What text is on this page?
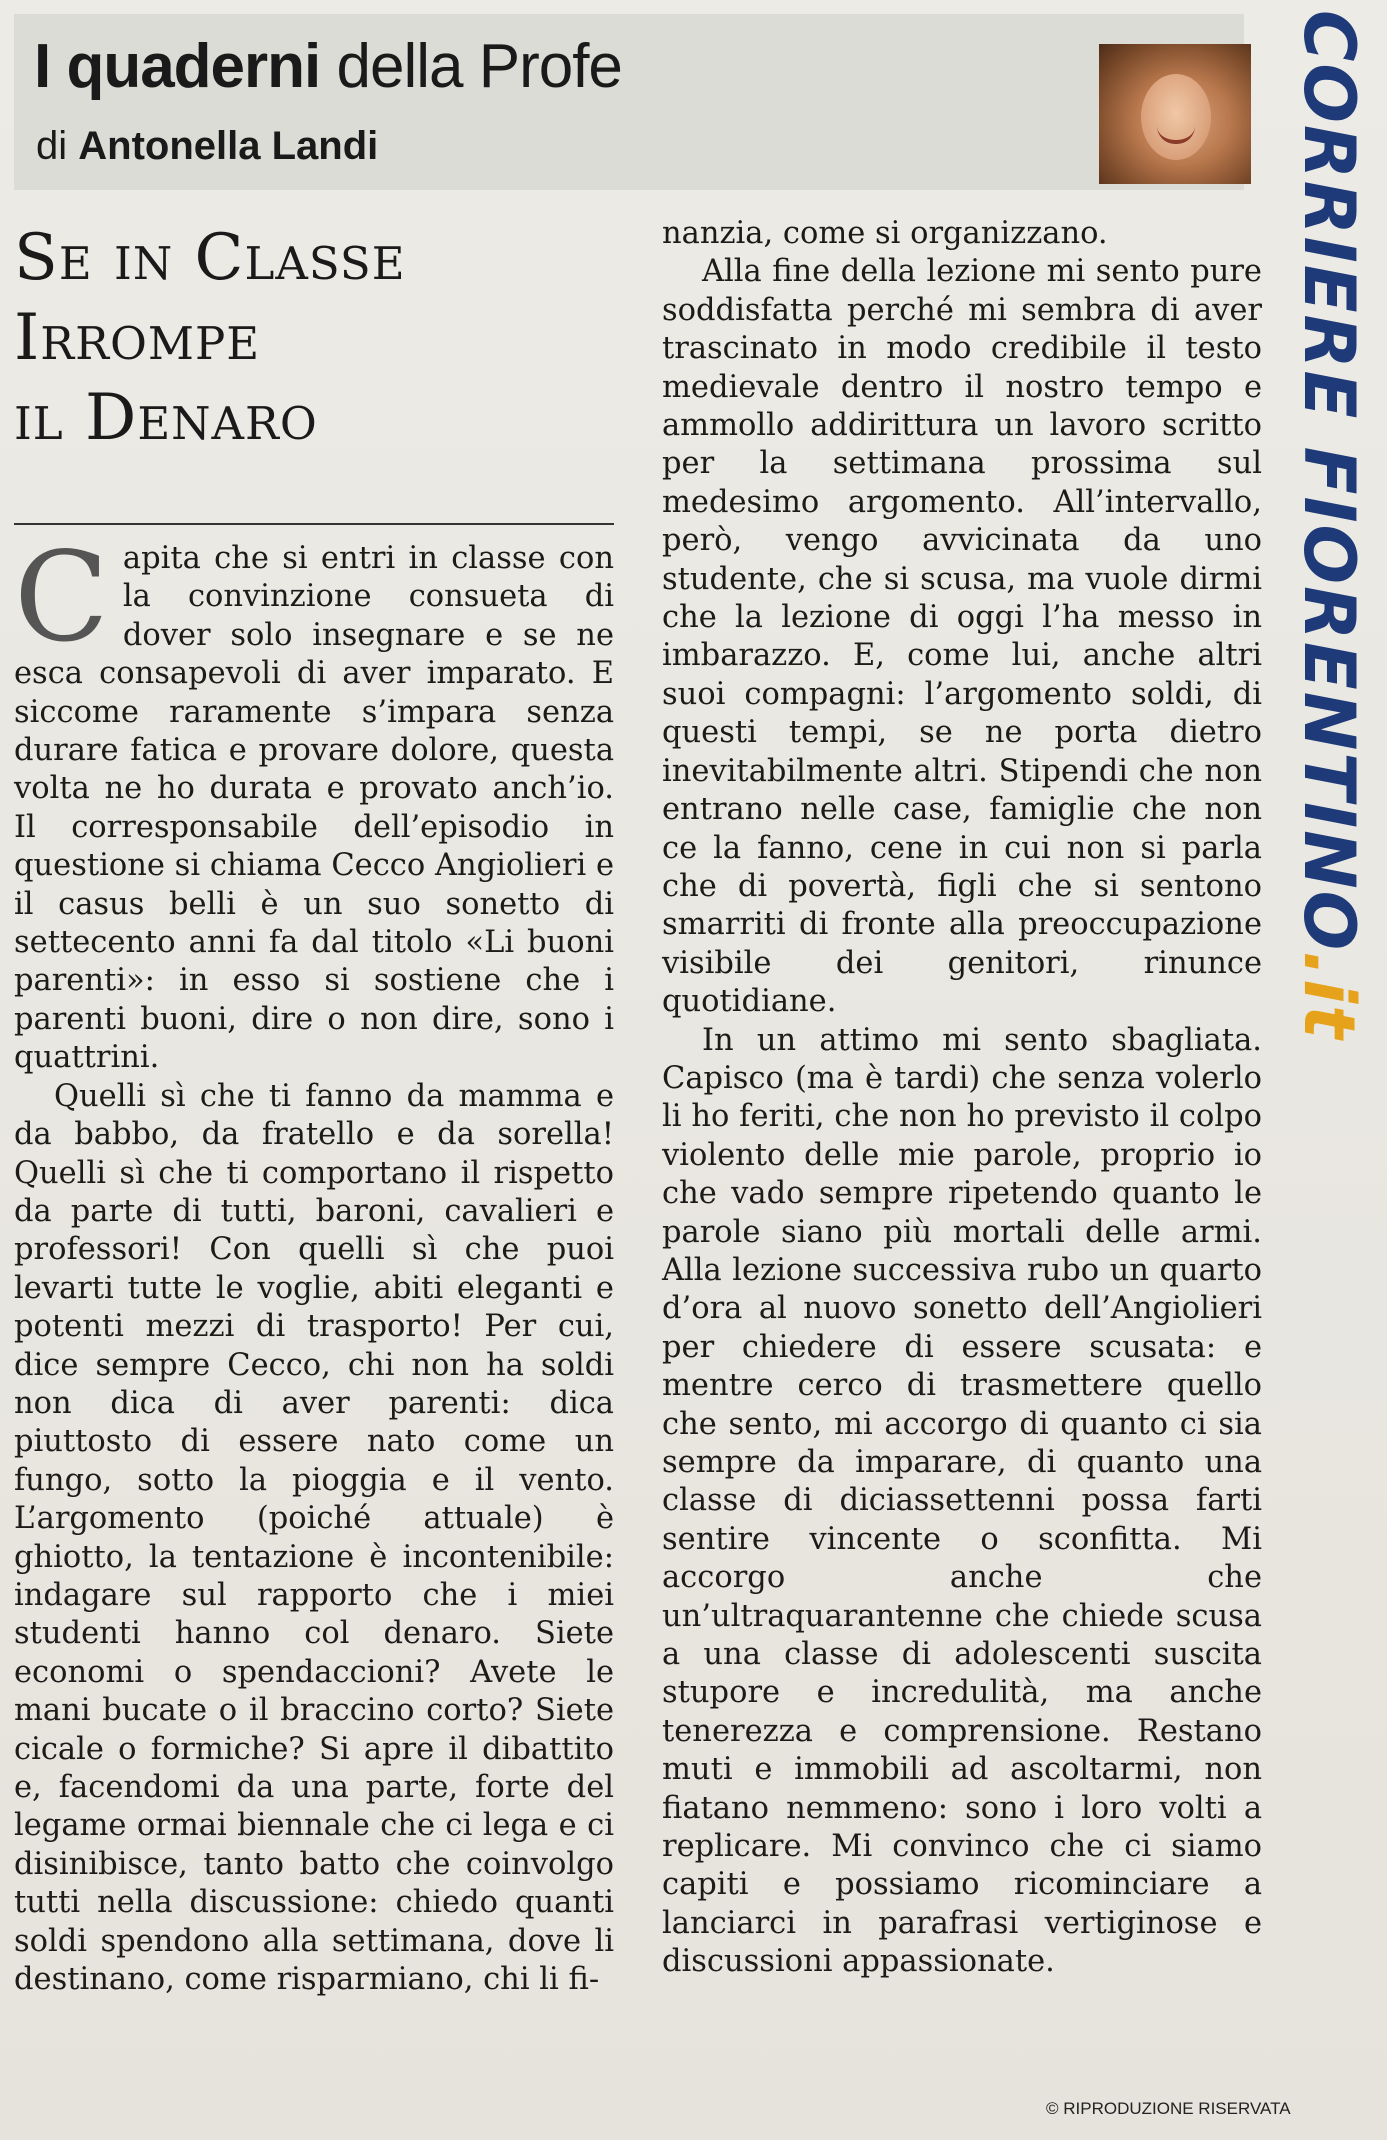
I quaderni della Profe
di Antonella Landi	CORRIERE FIORENTINO.it
Se in Classe
Irrompe
il Denaro

Capita che si entri in classe con la convinzione consueta di dover solo insegnare e se ne esca consapevoli di aver imparato. E siccome raramente s’impara senza durare fatica e provare dolore, questa volta ne ho durata e provato anch’io. Il corresponsabile dell’episodio in questione si chiama Cecco Angiolieri e il casus belli è un suo sonetto di settecento anni fa dal titolo «Li buoni parenti»: in esso si sostiene che i parenti buoni, dire o non dire, sono i quattrini.

Quelli sì che ti fanno da mamma e da babbo, da fratello e da sorella! Quelli sì che ti comportano il rispetto da parte di tutti, baroni, cavalieri e professori! Con quelli sì che puoi levarti tutte le voglie, abiti eleganti e potenti mezzi di trasporto! Per cui, dice sempre Cecco, chi non ha soldi non dica di aver parenti: dica piuttosto di essere nato come un fungo, sotto la pioggia e il vento. L’argomento (poiché attuale) è ghiotto, la tentazione è incontenibile: indagare sul rapporto che i miei studenti hanno col denaro. Siete economi o spendaccioni? Avete le mani bucate o il braccino corto? Siete cicale o formiche? Si apre il dibattito e, facendomi da una parte, forte del legame ormai biennale che ci lega e ci disinibisce, tanto batto che coinvolgo tutti nella discussione: chiedo quanti soldi spendono alla settimana, dove li destinano, come risparmiano, chi li fi-

nanzia, come si organizzano.

Alla fine della lezione mi sento pure soddisfatta perché mi sembra di aver trascinato in modo credibile il testo medievale dentro il nostro tempo e ammollo addirittura un lavoro scritto per la settimana prossima sul medesimo argomento. All’intervallo, però, vengo avvicinata da uno studente, che si scusa, ma vuole dirmi che la lezione di oggi l’ha messo in imbarazzo. E, come lui, anche altri suoi compagni: l’argomento soldi, di questi tempi, se ne porta dietro inevitabilmente altri. Stipendi che non entrano nelle case, famiglie che non ce la fanno, cene in cui non si parla che di povertà, figli che si sentono smarriti di fronte alla preoccupazione visibile dei genitori, rinunce quotidiane.

In un attimo mi sento sbagliata. Capisco (ma è tardi) che senza volerlo li ho feriti, che non ho previsto il colpo violento delle mie parole, proprio io che vado sempre ripetendo quanto le parole siano più mortali delle armi. Alla lezione successiva rubo un quarto d’ora al nuovo sonetto dell’Angiolieri per chiedere di essere scusata: e mentre cerco di trasmettere quello che sento, mi accorgo di quanto ci sia sempre da imparare, di quanto una classe di diciassettenni possa farti sentire vincente o sconfitta. Mi accorgo anche che un’ultraquarantenne che chiede scusa a una classe di adolescenti suscita stupore e incredulità, ma anche tenerezza e comprensione. Restano muti e immobili ad ascoltarmi, non fiatano nemmeno: sono i loro volti a replicare. Mi convinco che ci siamo capiti e possiamo ricominciare a lanciarci in parafrasi vertiginose e discussioni appassionate.

© RIPRODUZIONE RISERVATA
